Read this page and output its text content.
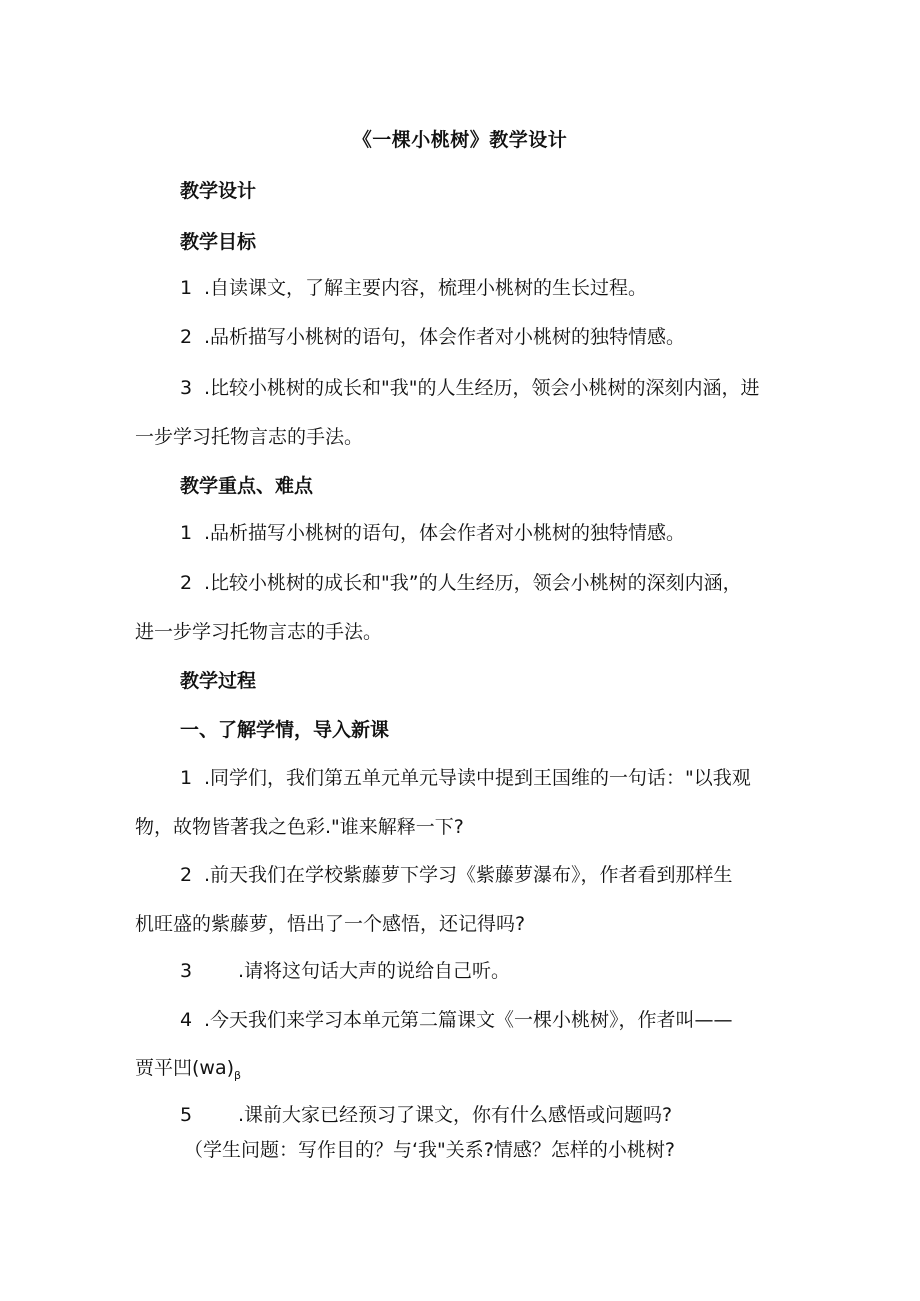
《一棵小桃树》教学设计
教学设计
教学目标
1 .自读课文，了解主要内容，梳理小桃树的生长过程。
2 .品析描写小桃树的语句，体会作者对小桃树的独特情感。
3 .比较小桃树的成长和"我"的人生经历，领会小桃树的深刻内涵，进
一步学习托物言志的手法。
教学重点、难点
1 .品析描写小桃树的语句，体会作者对小桃树的独特情感。
2 .比较小桃树的成长和"我”的人生经历，领会小桃树的深刻内涵，
进一步学习托物言志的手法。
教学过程
一、了解学情，导入新课
1 .同学们，我们第五单元单元导读中提到王国维的一句话："以我观
物，故物皆著我之色彩."谁来解释一下?
2 .前天我们在学校紫藤萝下学习《紫藤萝瀑布》，作者看到那样生
机旺盛的紫藤萝，悟出了一个感悟，还记得吗?
3 .请将这句话大声的说给自己听。
4 .今天我们来学习本单元第二篇课文《一棵小桃树》，作者叫——
贾平凹$(wa)_\beta$
5 .课前大家已经预习了课文，你有什么感悟或问题吗?
（学生问题：写作目的？与‘我"关系?情感？怎样的小桃树?
